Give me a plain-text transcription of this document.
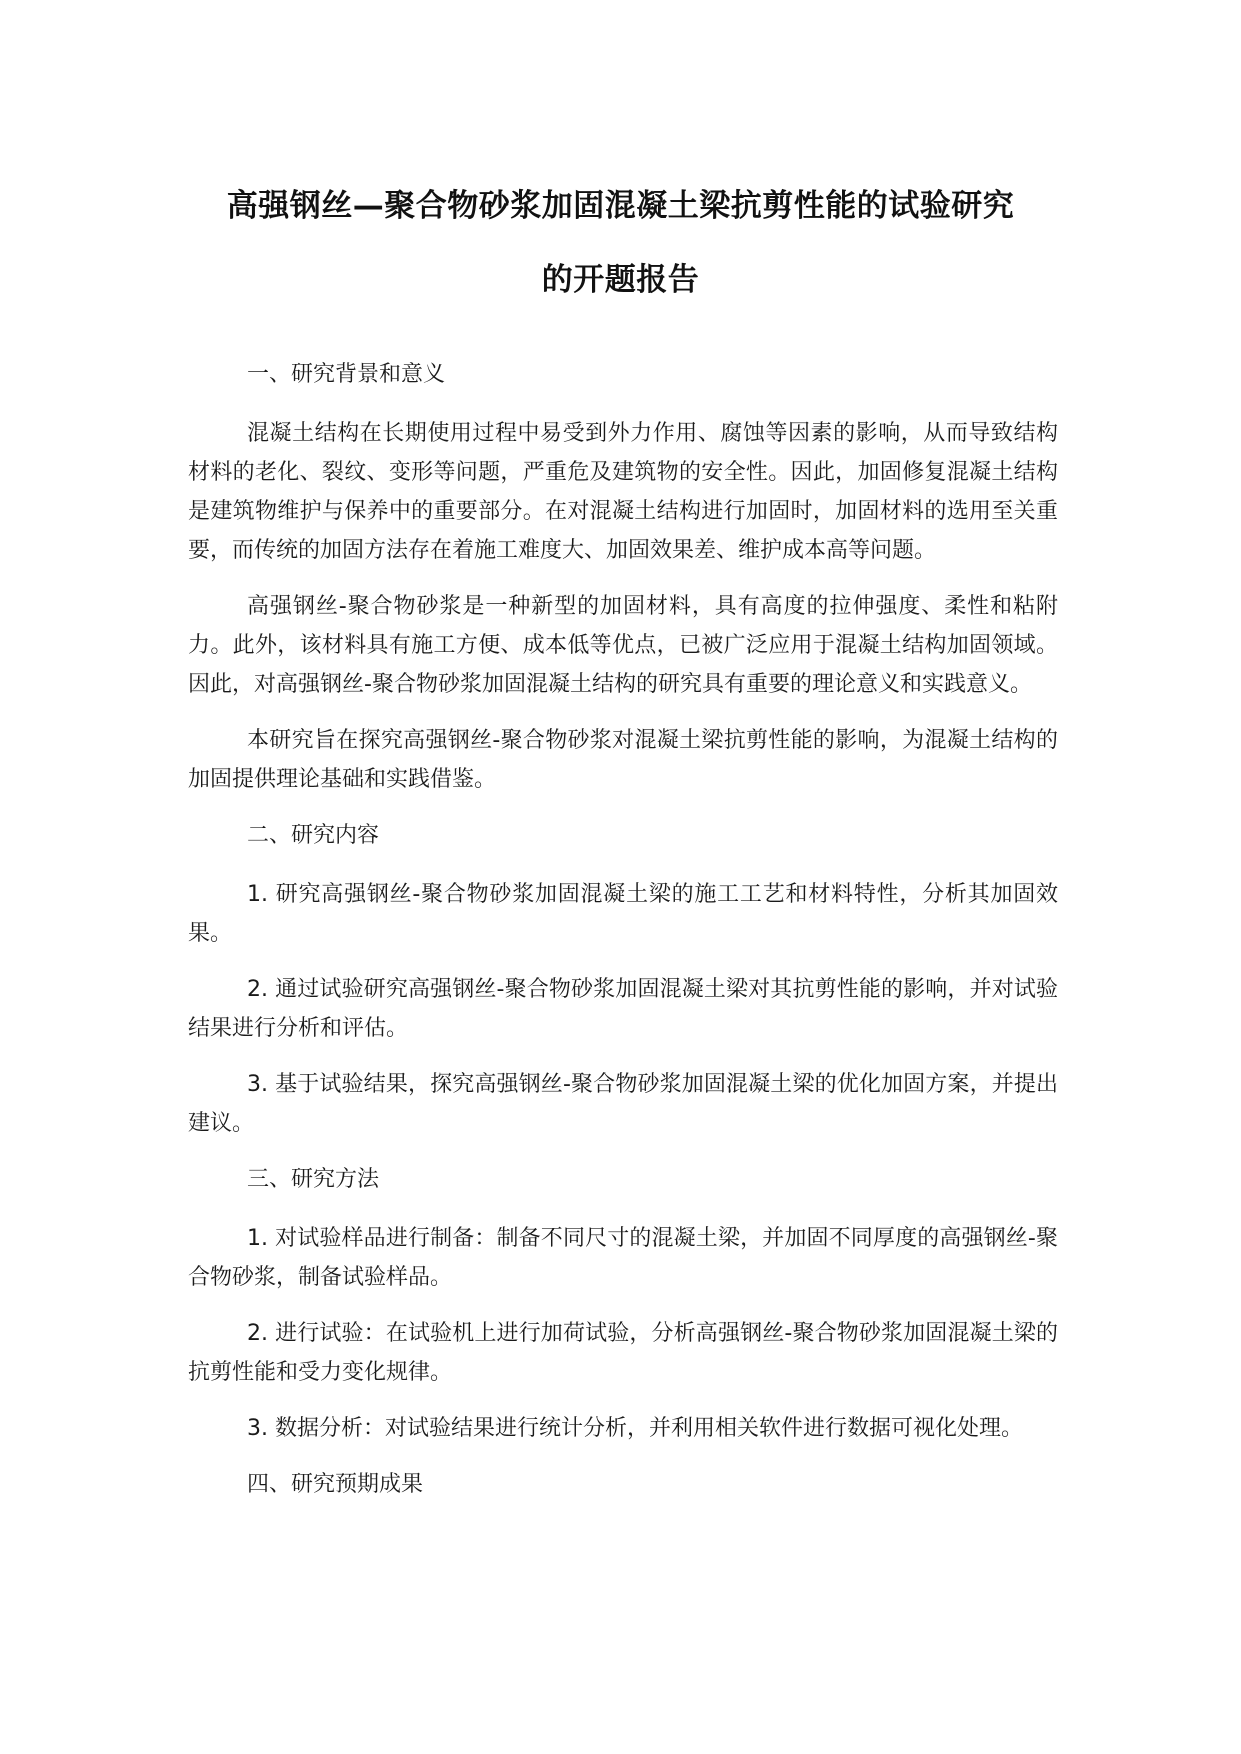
高强钢丝—聚合物砂浆加固混凝土梁抗剪性能的试验研究
的开题报告

一、研究背景和意义

混凝土结构在长期使用过程中易受到外力作用、腐蚀等因素的影响，从而导致结构材料的老化、裂纹、变形等问题，严重危及建筑物的安全性。因此，加固修复混凝土结构是建筑物维护与保养中的重要部分。在对混凝土结构进行加固时，加固材料的选用至关重要，而传统的加固方法存在着施工难度大、加固效果差、维护成本高等问题。

高强钢丝-聚合物砂浆是一种新型的加固材料，具有高度的拉伸强度、柔性和粘附力。此外，该材料具有施工方便、成本低等优点，已被广泛应用于混凝土结构加固领域。因此，对高强钢丝-聚合物砂浆加固混凝土结构的研究具有重要的理论意义和实践意义。

本研究旨在探究高强钢丝-聚合物砂浆对混凝土梁抗剪性能的影响，为混凝土结构的加固提供理论基础和实践借鉴。

二、研究内容

1. 研究高强钢丝-聚合物砂浆加固混凝土梁的施工工艺和材料特性，分析其加固效果。

2. 通过试验研究高强钢丝-聚合物砂浆加固混凝土梁对其抗剪性能的影响，并对试验结果进行分析和评估。

3. 基于试验结果，探究高强钢丝-聚合物砂浆加固混凝土梁的优化加固方案，并提出建议。

三、研究方法

1. 对试验样品进行制备：制备不同尺寸的混凝土梁，并加固不同厚度的高强钢丝-聚合物砂浆，制备试验样品。

2. 进行试验：在试验机上进行加荷试验，分析高强钢丝-聚合物砂浆加固混凝土梁的抗剪性能和受力变化规律。

3. 数据分析：对试验结果进行统计分析，并利用相关软件进行数据可视化处理。

四、研究预期成果
